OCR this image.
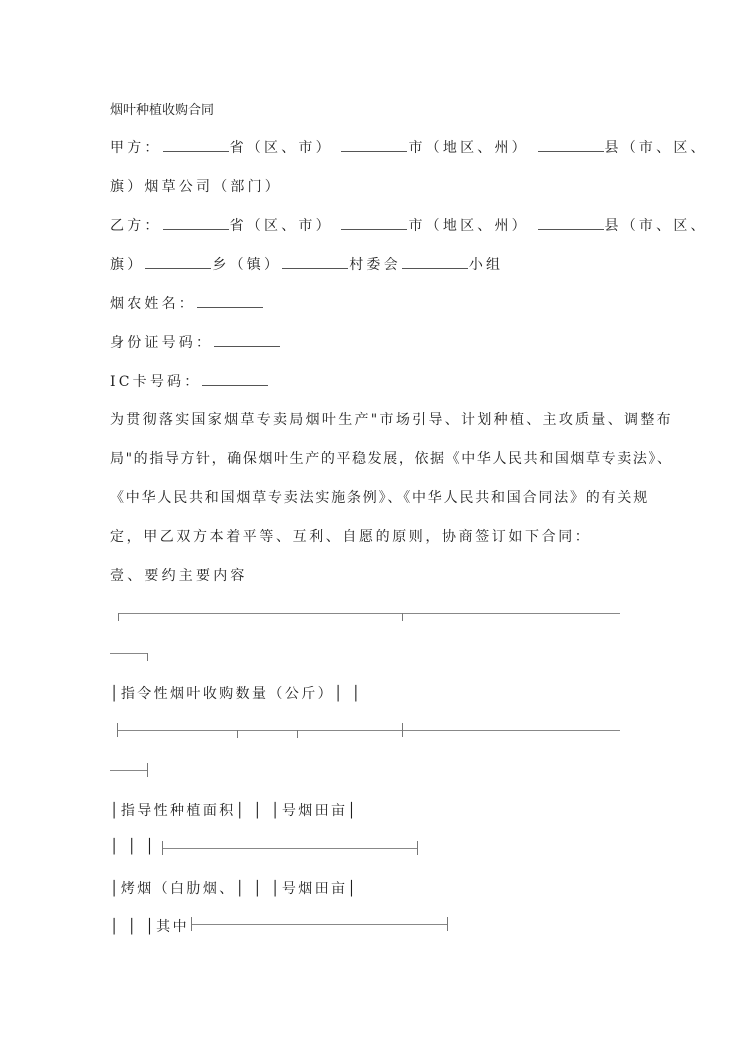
烟叶种植收购合同
甲方：	省（区、市）	市（地区、州）	县（市、区、
旗）烟草公司（部门）
乙方：	省（区、市）	市（地区、州）	县（市、区、
旗）	乡（镇）	村委会	小组
烟农姓名：
身份证号码：
IC卡号码：
为贯彻落实国家烟草专卖局烟叶生产"市场引导、计划种植、主攻质量、调整布
局"的指导方针，确保烟叶生产的平稳发展，依据《中华人民共和国烟草专卖法》、
《中华人民共和国烟草专卖法实施条例》、《中华人民共和国合同法》的有关规
定，甲乙双方本着平等、互利、自愿的原则，协商签订如下合同：
壹、要约主要内容
│指令性烟叶收购数量（公斤）│ │
│指导性种植面积│ │ │号烟田亩│
│ │ │
│烤烟（白肋烟、│ │ │号烟田亩│
│ │ │其中
